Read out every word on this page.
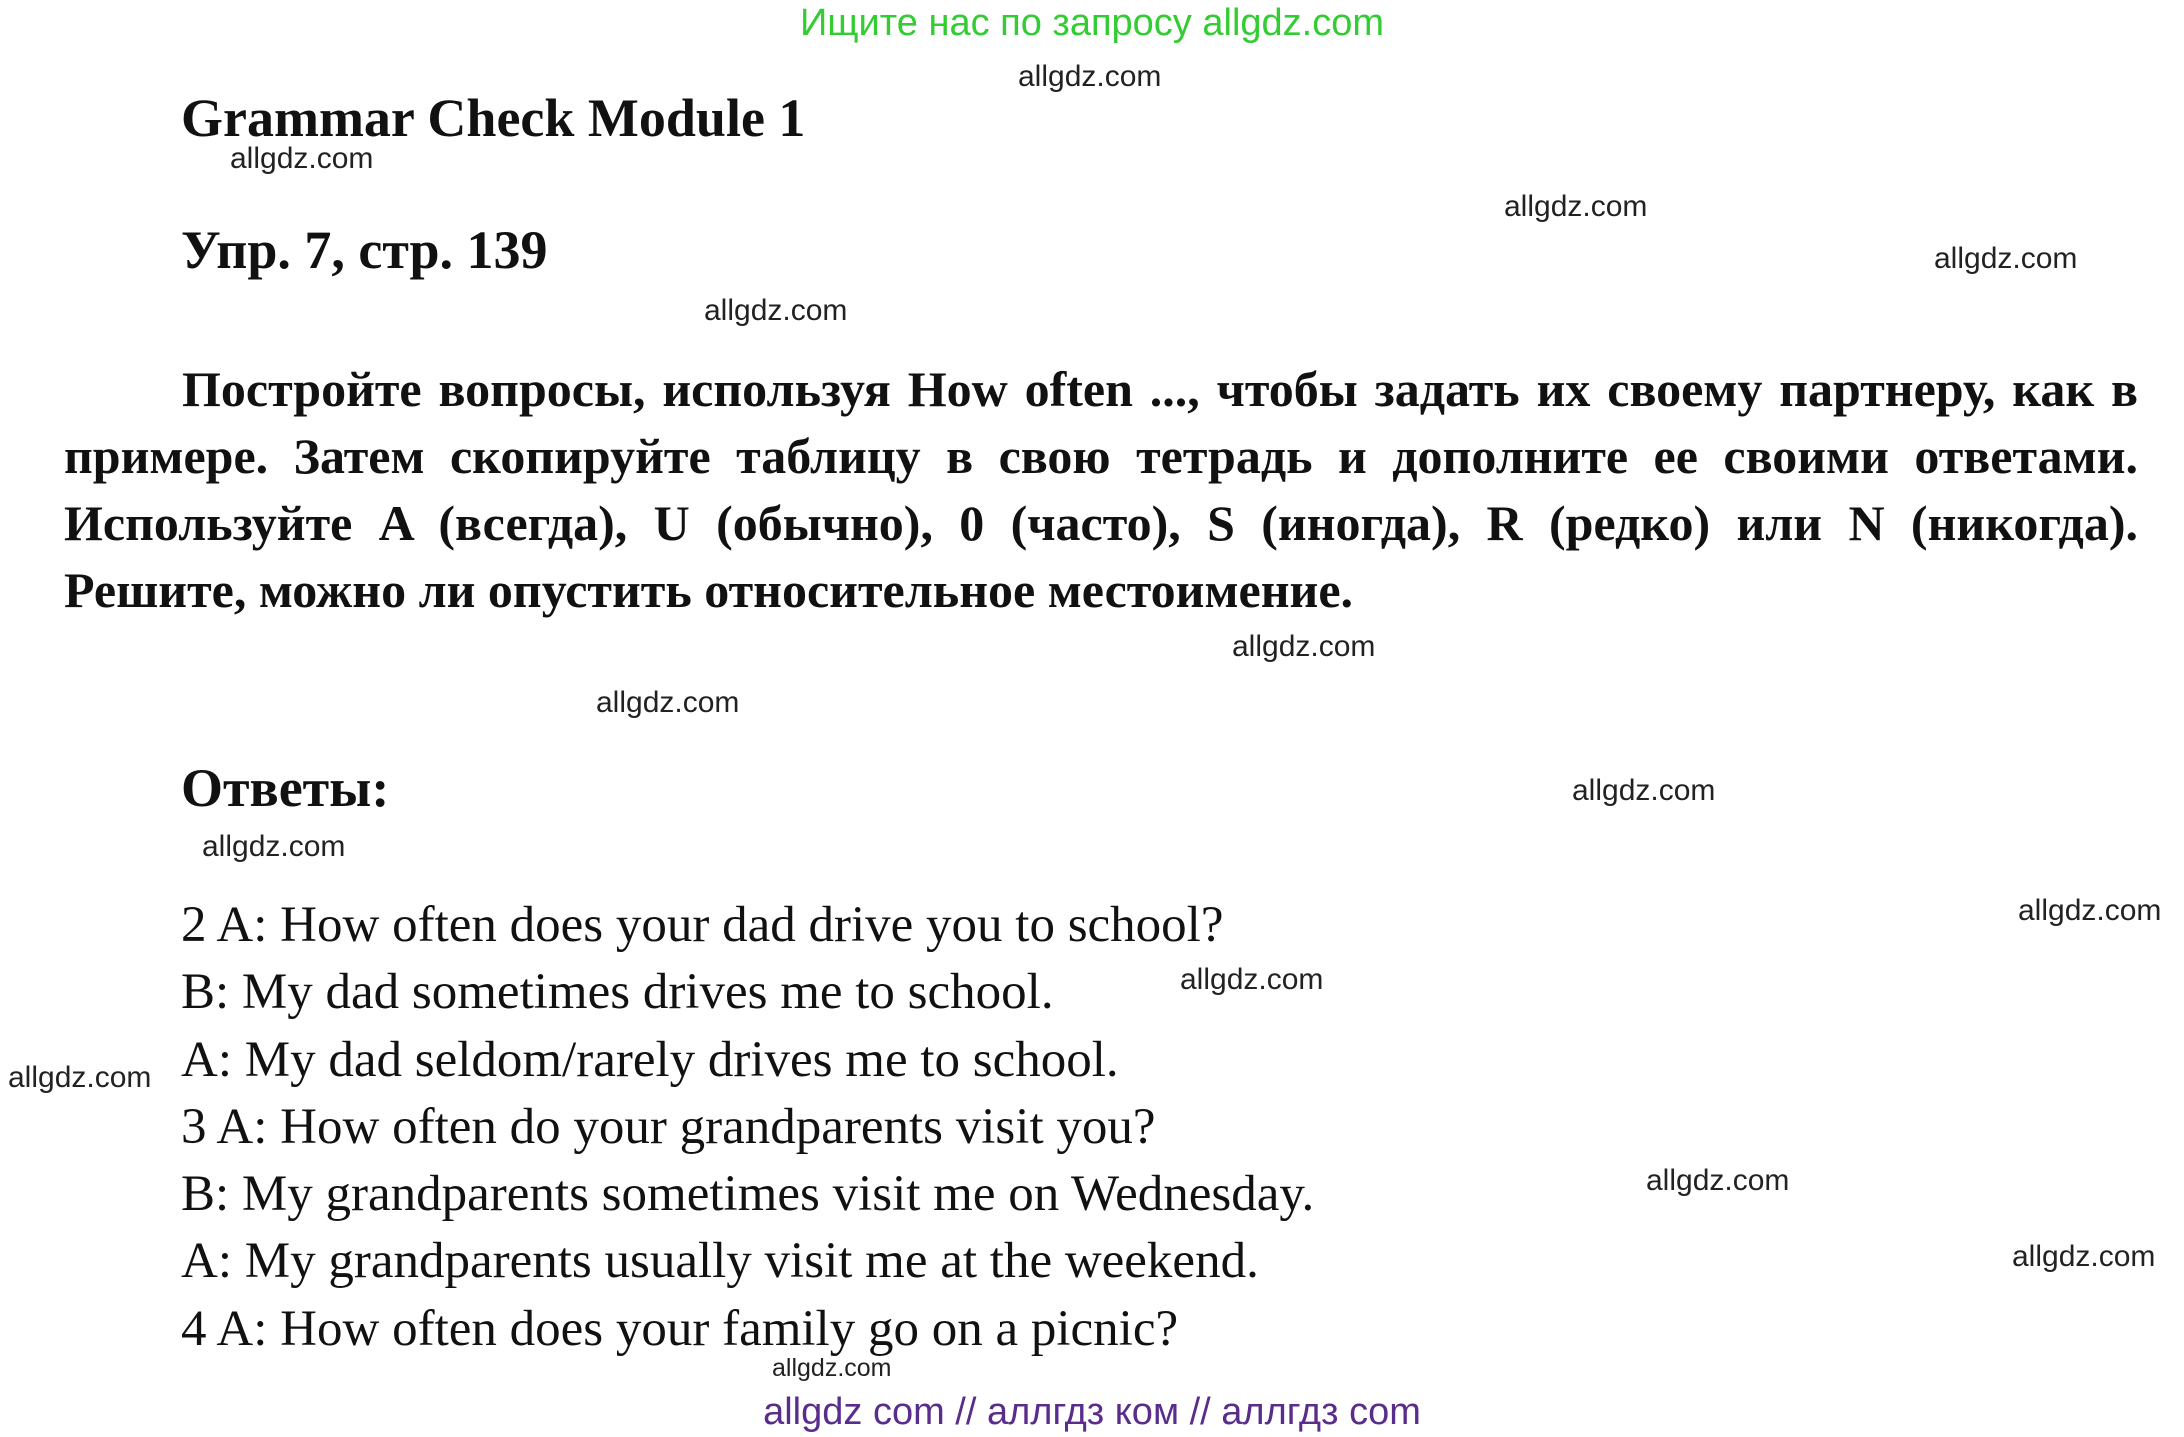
Ищите нас по запросу allgdz.com
Grammar Check Module 1
Упр. 7, стр. 139

Постройте вопросы, используя How often ..., чтобы задать их своему партнеру, как в примере. Затем скопируйте таблицу в свою тетрадь и дополните ее своими ответами. Используйте A (всегда), U (обычно), 0 (часто), S (иногда), R (редко) или N (никогда). Решите, можно ли опустить относительное местоимение.

Ответы:
2 A: How often does your dad drive you to school?
B: My dad sometimes drives me to school.
A: My dad seldom/rarely drives me to school.
3 A: How often do your grandparents visit you?
B: My grandparents sometimes visit me on Wednesday.
A: My grandparents usually visit me at the weekend.
4 A: How often does your family go on a picnic?
allgdz.com
allgdz.com
allgdz.com
allgdz.com
allgdz.com
allgdz.com
allgdz.com
allgdz.com
allgdz.com
allgdz.com
allgdz.com
allgdz.com
allgdz.com
allgdz.com
allgdz.com
allgdz com // аллгдз ком // аллгдз com
